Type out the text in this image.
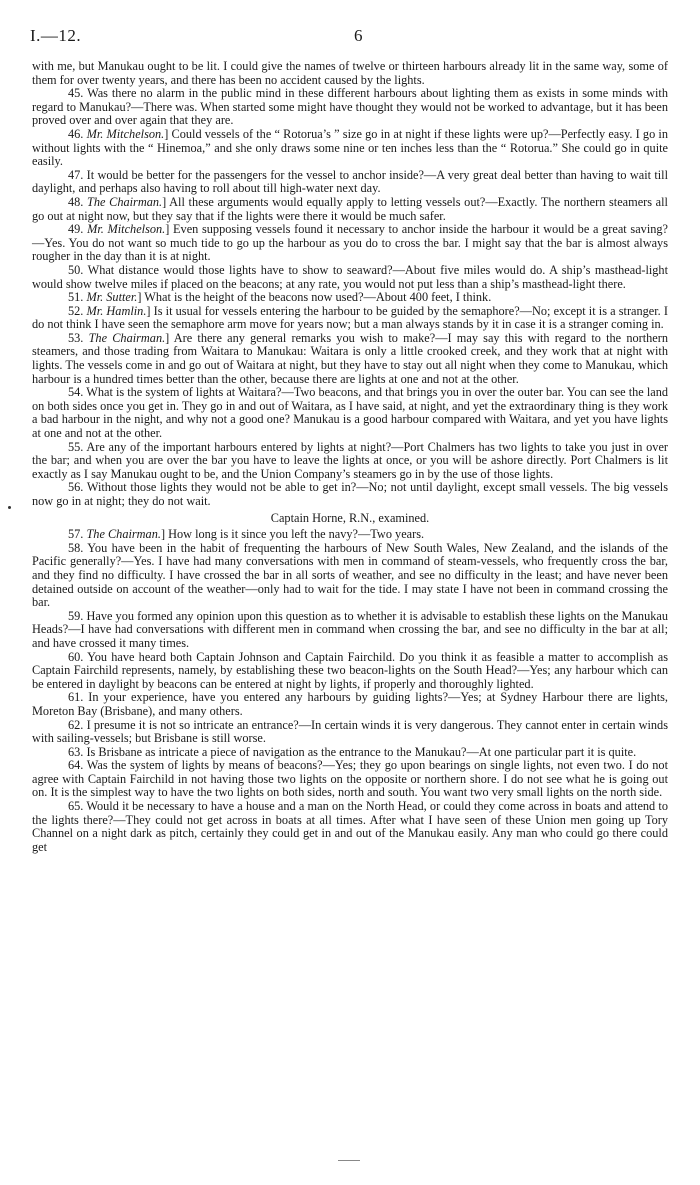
I.—12.	6

with me, but Manukau ought to be lit. I could give the names of twelve or thirteen harbours already lit in the same way, some of them for over twenty years, and there has been no accident caused by the lights.

45. Was there no alarm in the public mind in these different harbours about lighting them as exists in some minds with regard to Manukau?—There was. When started some might have thought they would not be worked to advantage, but it has been proved over and over again that they are.

46. Mr. Mitchelson.] Could vessels of the “ Rotorua’s ” size go in at night if these lights were up?—Perfectly easy. I go in without lights with the “ Hinemoa,” and she only draws some nine or ten inches less than the “ Rotorua.” She could go in quite easily.

47. It would be better for the passengers for the vessel to anchor inside?—A very great deal better than having to wait till daylight, and perhaps also having to roll about till high-water next day.

48. The Chairman.] All these arguments would equally apply to letting vessels out?—Exactly. The northern steamers all go out at night now, but they say that if the lights were there it would be much safer.

49. Mr. Mitchelson.] Even supposing vessels found it necessary to anchor inside the harbour it would be a great saving?—Yes. You do not want so much tide to go up the harbour as you do to cross the bar. I might say that the bar is almost always rougher in the day than it is at night.

50. What distance would those lights have to show to seaward?—About five miles would do. A ship’s masthead-light would show twelve miles if placed on the beacons; at any rate, you would not put less than a ship’s masthead-light there.

51. Mr. Sutter.] What is the height of the beacons now used?—About 400 feet, I think.

52. Mr. Hamlin.] Is it usual for vessels entering the harbour to be guided by the semaphore?—No; except it is a stranger. I do not think I have seen the semaphore arm move for years now; but a man always stands by it in case it is a stranger coming in.

53. The Chairman.] Are there any general remarks you wish to make?—I may say this with regard to the northern steamers, and those trading from Waitara to Manukau: Waitara is only a little crooked creek, and they work that at night with lights. The vessels come in and go out of Waitara at night, but they have to stay out all night when they come to Manukau, which harbour is a hundred times better than the other, because there are lights at one and not at the other.

54. What is the system of lights at Waitara?—Two beacons, and that brings you in over the outer bar. You can see the land on both sides once you get in. They go in and out of Waitara, as I have said, at night, and yet the extraordinary thing is they work a bad harbour in the night, and why not a good one? Manukau is a good harbour compared with Waitara, and yet you have lights at one and not at the other.

55. Are any of the important harbours entered by lights at night?—Port Chalmers has two lights to take you just in over the bar; and when you are over the bar you have to leave the lights at once, or you will be ashore directly. Port Chalmers is lit exactly as I say Manukau ought to be, and the Union Company’s steamers go in by the use of those lights.

56. Without those lights they would not be able to get in?—No; not until daylight, except small vessels. The big vessels now go in at night; they do not wait.

Captain Horne, R.N., examined.

57. The Chairman.] How long is it since you left the navy?—Two years.

58. You have been in the habit of frequenting the harbours of New South Wales, New Zealand, and the islands of the Pacific generally?—Yes. I have had many conversations with men in command of steam-vessels, who frequently cross the bar, and they find no difficulty. I have crossed the bar in all sorts of weather, and see no difficulty in the least; and have never been detained outside on account of the weather—only had to wait for the tide. I may state I have not been in command crossing the bar.

59. Have you formed any opinion upon this question as to whether it is advisable to establish these lights on the Manukau Heads?—I have had conversations with different men in command when crossing the bar, and see no difficulty in the bar at all; and have crossed it many times.

60. You have heard both Captain Johnson and Captain Fairchild. Do you think it as feasible a matter to accomplish as Captain Fairchild represents, namely, by establishing these two beacon-lights on the South Head?—Yes; any harbour which can be entered in daylight by beacons can be entered at night by lights, if properly and thoroughly lighted.

61. In your experience, have you entered any harbours by guiding lights?—Yes; at Sydney Harbour there are lights, Moreton Bay (Brisbane), and many others.

62. I presume it is not so intricate an entrance?—In certain winds it is very dangerous. They cannot enter in certain winds with sailing-vessels; but Brisbane is still worse.

63. Is Brisbane as intricate a piece of navigation as the entrance to the Manukau?—At one particular part it is quite.

64. Was the system of lights by means of beacons?—Yes; they go upon bearings on single lights, not even two. I do not agree with Captain Fairchild in not having those two lights on the opposite or northern shore. I do not see what he is going out on. It is the simplest way to have the two lights on both sides, north and south. You want two very small lights on the north side.

65. Would it be necessary to have a house and a man on the North Head, or could they come across in boats and attend to the lights there?—They could not get across in boats at all times. After what I have seen of these Union men going up Tory Channel on a night dark as pitch, certainly they could get in and out of the Manukau easily. Any man who could go there could get
